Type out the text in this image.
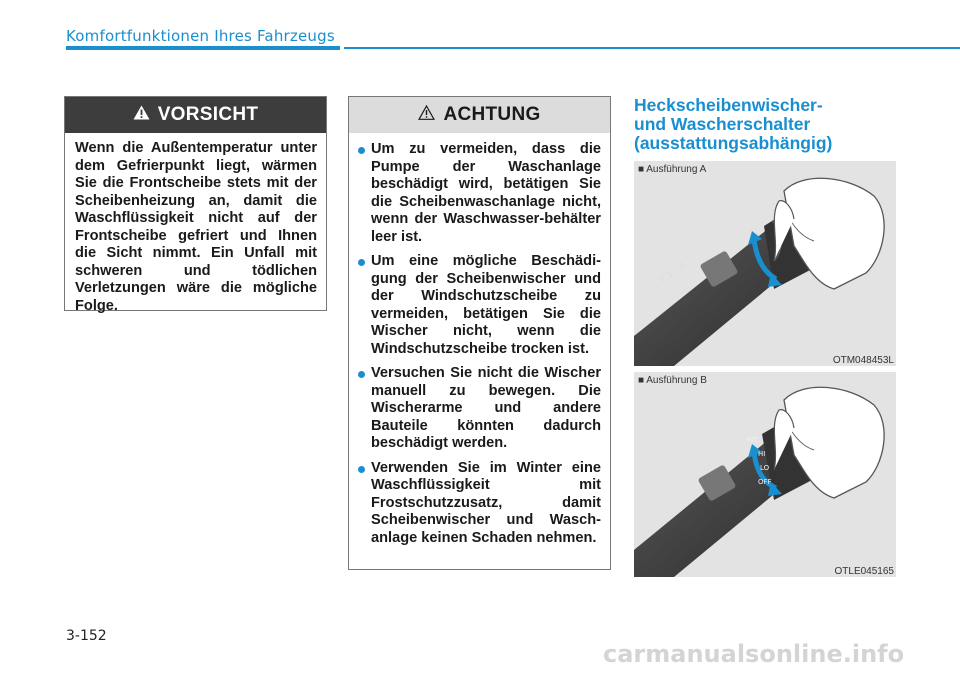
Komfortfunktionen Ihres Fahrzeugs
VORSICHT
Wenn die Außentemperatur unter dem Gefrierpunkt liegt, wärmen Sie die Frontscheibe stets mit der Scheibenheizung an, damit die Waschflüssigkeit nicht auf der Frontscheibe gefriert und Ihnen die Sicht nimmt. Ein Unfall mit schweren und tödlichen Verletzungen wäre die mögliche Folge.
ACHTUNG
Um zu vermeiden, dass die Pumpe der Waschanlage beschädigt wird, betätigen Sie die Scheibenwaschanlage nicht, wenn der Waschwasser-behälter leer ist.
Um eine mögliche Beschädi-gung der Scheibenwischer und der Windschutzscheibe zu vermeiden, betätigen Sie die Wischer nicht, wenn die Windschutzscheibe trocken ist.
Versuchen Sie nicht die Wischer manuell zu bewegen. Die Wischerarme und andere Bauteile könnten dadurch beschädigt werden.
Verwenden Sie im Winter eine Waschflüssigkeit mit Frostschutzzusatz, damit Scheibenwischer und Wasch-anlage keinen Schaden nehmen.
Heckscheibenwischer-
und Wascherschalter
(ausstattungsabhängig)
■ Ausführung A
2 1 - 0
OTM048453L
■ Ausführung B
INT
HI
LO
OFF
OTLE045165
3-152
carmanualsonline.info
